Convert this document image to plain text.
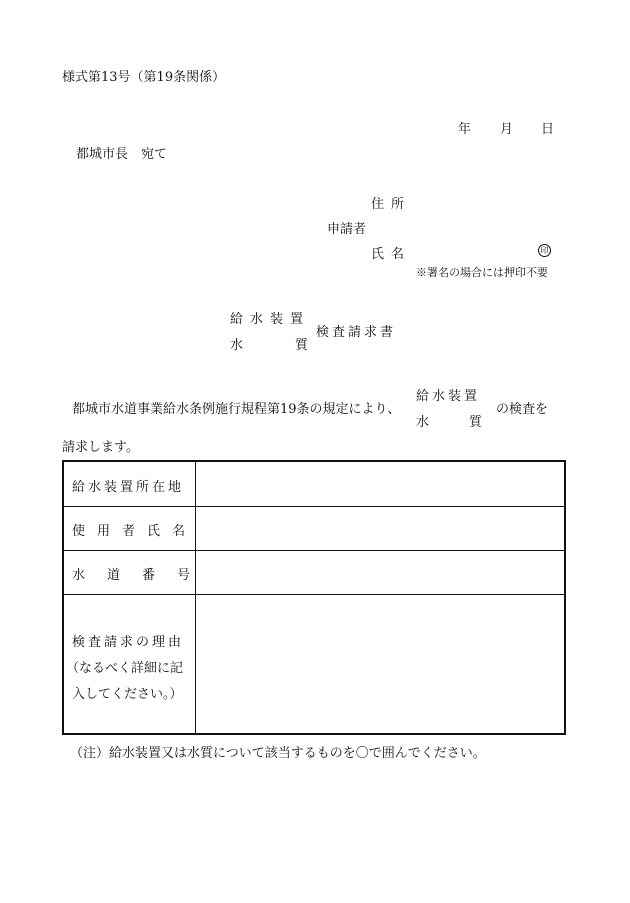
様式第13号（第19条関係）
年 月 日
都城市長　宛て
住所
申請者
氏名	印
※署名の場合には押印不要
給水装置
水質
検査請求書
都城市水道事業給水条例施行規程第19条の規定により、
給水装置
水質
の検査を
請求します。
給水装置所在地
使用者氏名
水道番号
検査請求の理由
（なるべく詳細に記
入してください。）
（注）給水装置又は水質について該当するものを〇で囲んでください。
